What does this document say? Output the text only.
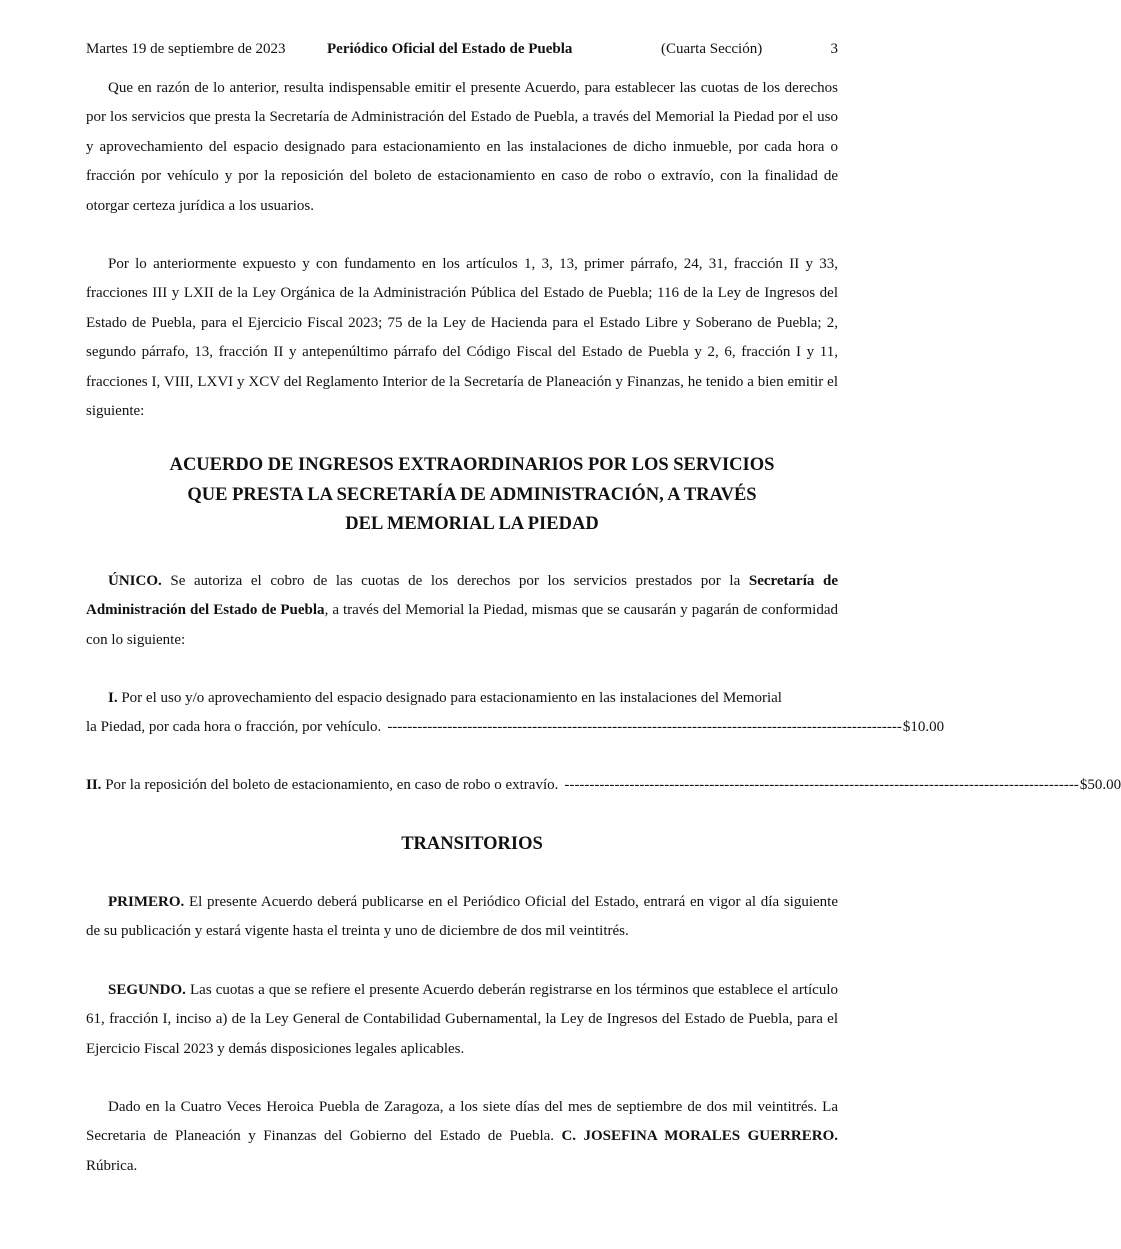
Martes 19 de septiembre de 2023	Periódico Oficial del Estado de Puebla	(Cuarta Sección)	3

Que en razón de lo anterior, resulta indispensable emitir el presente Acuerdo, para establecer las cuotas de los derechos por los servicios que presta la Secretaría de Administración del Estado de Puebla, a través del Memorial la Piedad por el uso y aprovechamiento del espacio designado para estacionamiento en las instalaciones de dicho inmueble, por cada hora o fracción por vehículo y por la reposición del boleto de estacionamiento en caso de robo o extravío, con la finalidad de otorgar certeza jurídica a los usuarios.

Por lo anteriormente expuesto y con fundamento en los artículos 1, 3, 13, primer párrafo, 24, 31, fracción II y 33, fracciones III y LXII de la Ley Orgánica de la Administración Pública del Estado de Puebla; 116 de la Ley de Ingresos del Estado de Puebla, para el Ejercicio Fiscal 2023; 75 de la Ley de Hacienda para el Estado Libre y Soberano de Puebla; 2, segundo párrafo, 13, fracción II y antepenúltimo párrafo del Código Fiscal del Estado de Puebla y 2, 6, fracción I y 11, fracciones I, VIII, LXVI y XCV del Reglamento Interior de la Secretaría de Planeación y Finanzas, he tenido a bien emitir el siguiente:

ACUERDO DE INGRESOS EXTRAORDINARIOS POR LOS SERVICIOS
QUE PRESTA LA SECRETARÍA DE ADMINISTRACIÓN, A TRAVÉS
DEL MEMORIAL LA PIEDAD

ÚNICO. Se autoriza el cobro de las cuotas de los derechos por los servicios prestados por la Secretaría de Administración del Estado de Puebla, a través del Memorial la Piedad, mismas que se causarán y pagarán de conformidad con lo siguiente:

I. Por el uso y/o aprovechamiento del espacio designado para estacionamiento en las instalaciones del Memorial
la Piedad, por cada hora o fracción, por vehículo. ------------------------------------------------------------------------------------------------------- $10.00
II. Por la reposición del boleto de estacionamiento, en caso de robo o extravío. ------------------------------------------------------------------------------------------------------- $50.00
TRANSITORIOS

PRIMERO. El presente Acuerdo deberá publicarse en el Periódico Oficial del Estado, entrará en vigor al día siguiente de su publicación y estará vigente hasta el treinta y uno de diciembre de dos mil veintitrés.

SEGUNDO. Las cuotas a que se refiere el presente Acuerdo deberán registrarse en los términos que establece el artículo 61, fracción I, inciso a) de la Ley General de Contabilidad Gubernamental, la Ley de Ingresos del Estado de Puebla, para el Ejercicio Fiscal 2023 y demás disposiciones legales aplicables.

Dado en la Cuatro Veces Heroica Puebla de Zaragoza, a los siete días del mes de septiembre de dos mil veintitrés. La Secretaria de Planeación y Finanzas del Gobierno del Estado de Puebla. C. JOSEFINA MORALES GUERRERO. Rúbrica.
